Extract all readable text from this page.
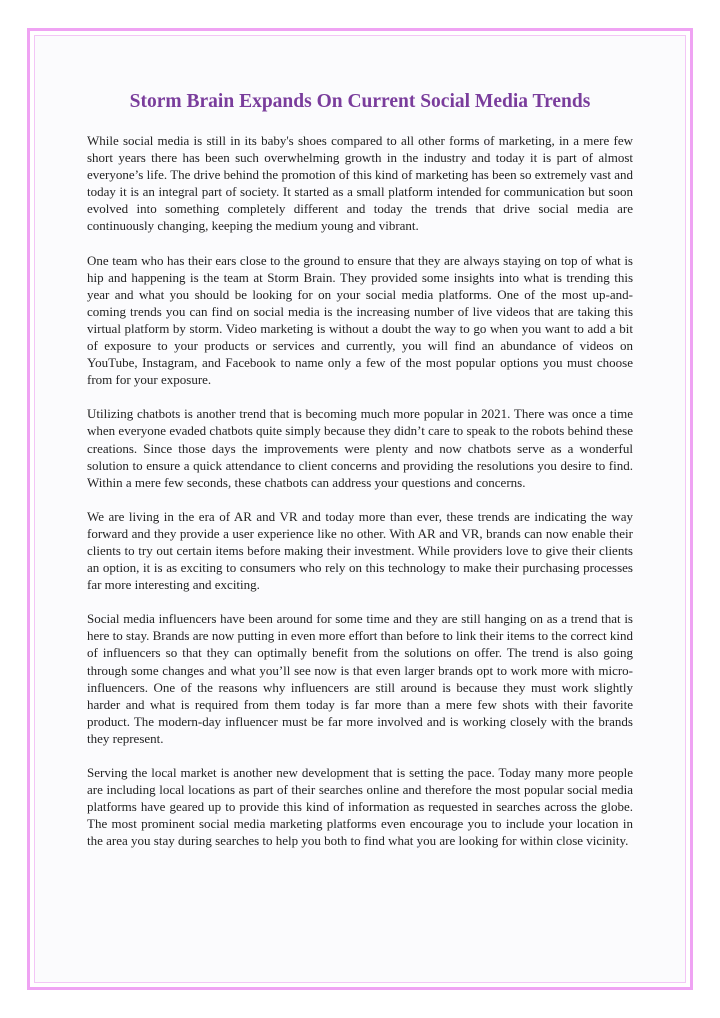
Storm Brain Expands On Current Social Media Trends

While social media is still in its baby's shoes compared to all other forms of marketing, in a mere few short years there has been such overwhelming growth in the industry and today it is part of almost everyone’s life. The drive behind the promotion of this kind of marketing has been so extremely vast and today it is an integral part of society. It started as a small platform intended for communication but soon evolved into something completely different and today the trends that drive social media are continuously changing, keeping the medium young and vibrant.

One team who has their ears close to the ground to ensure that they are always staying on top of what is hip and happening is the team at Storm Brain. They provided some insights into what is trending this year and what you should be looking for on your social media platforms. One of the most up-and-coming trends you can find on social media is the increasing number of live videos that are taking this virtual platform by storm. Video marketing is without a doubt the way to go when you want to add a bit of exposure to your products or services and currently, you will find an abundance of videos on YouTube, Instagram, and Facebook to name only a few of the most popular options you must choose from for your exposure.

Utilizing chatbots is another trend that is becoming much more popular in 2021. There was once a time when everyone evaded chatbots quite simply because they didn’t care to speak to the robots behind these creations. Since those days the improvements were plenty and now chatbots serve as a wonderful solution to ensure a quick attendance to client concerns and providing the resolutions you desire to find. Within a mere few seconds, these chatbots can address your questions and concerns.

We are living in the era of AR and VR and today more than ever, these trends are indicating the way forward and they provide a user experience like no other. With AR and VR, brands can now enable their clients to try out certain items before making their investment. While providers love to give their clients an option, it is as exciting to consumers who rely on this technology to make their purchasing processes far more interesting and exciting.

Social media influencers have been around for some time and they are still hanging on as a trend that is here to stay. Brands are now putting in even more effort than before to link their items to the correct kind of influencers so that they can optimally benefit from the solutions on offer. The trend is also going through some changes and what you’ll see now is that even larger brands opt to work more with micro-influencers. One of the reasons why influencers are still around is because they must work slightly harder and what is required from them today is far more than a mere few shots with their favorite product. The modern-day influencer must be far more involved and is working closely with the brands they represent.

Serving the local market is another new development that is setting the pace. Today many more people are including local locations as part of their searches online and therefore the most popular social media platforms have geared up to provide this kind of information as requested in searches across the globe. The most prominent social media marketing platforms even encourage you to include your location in the area you stay during searches to help you both to find what you are looking for within close vicinity.
